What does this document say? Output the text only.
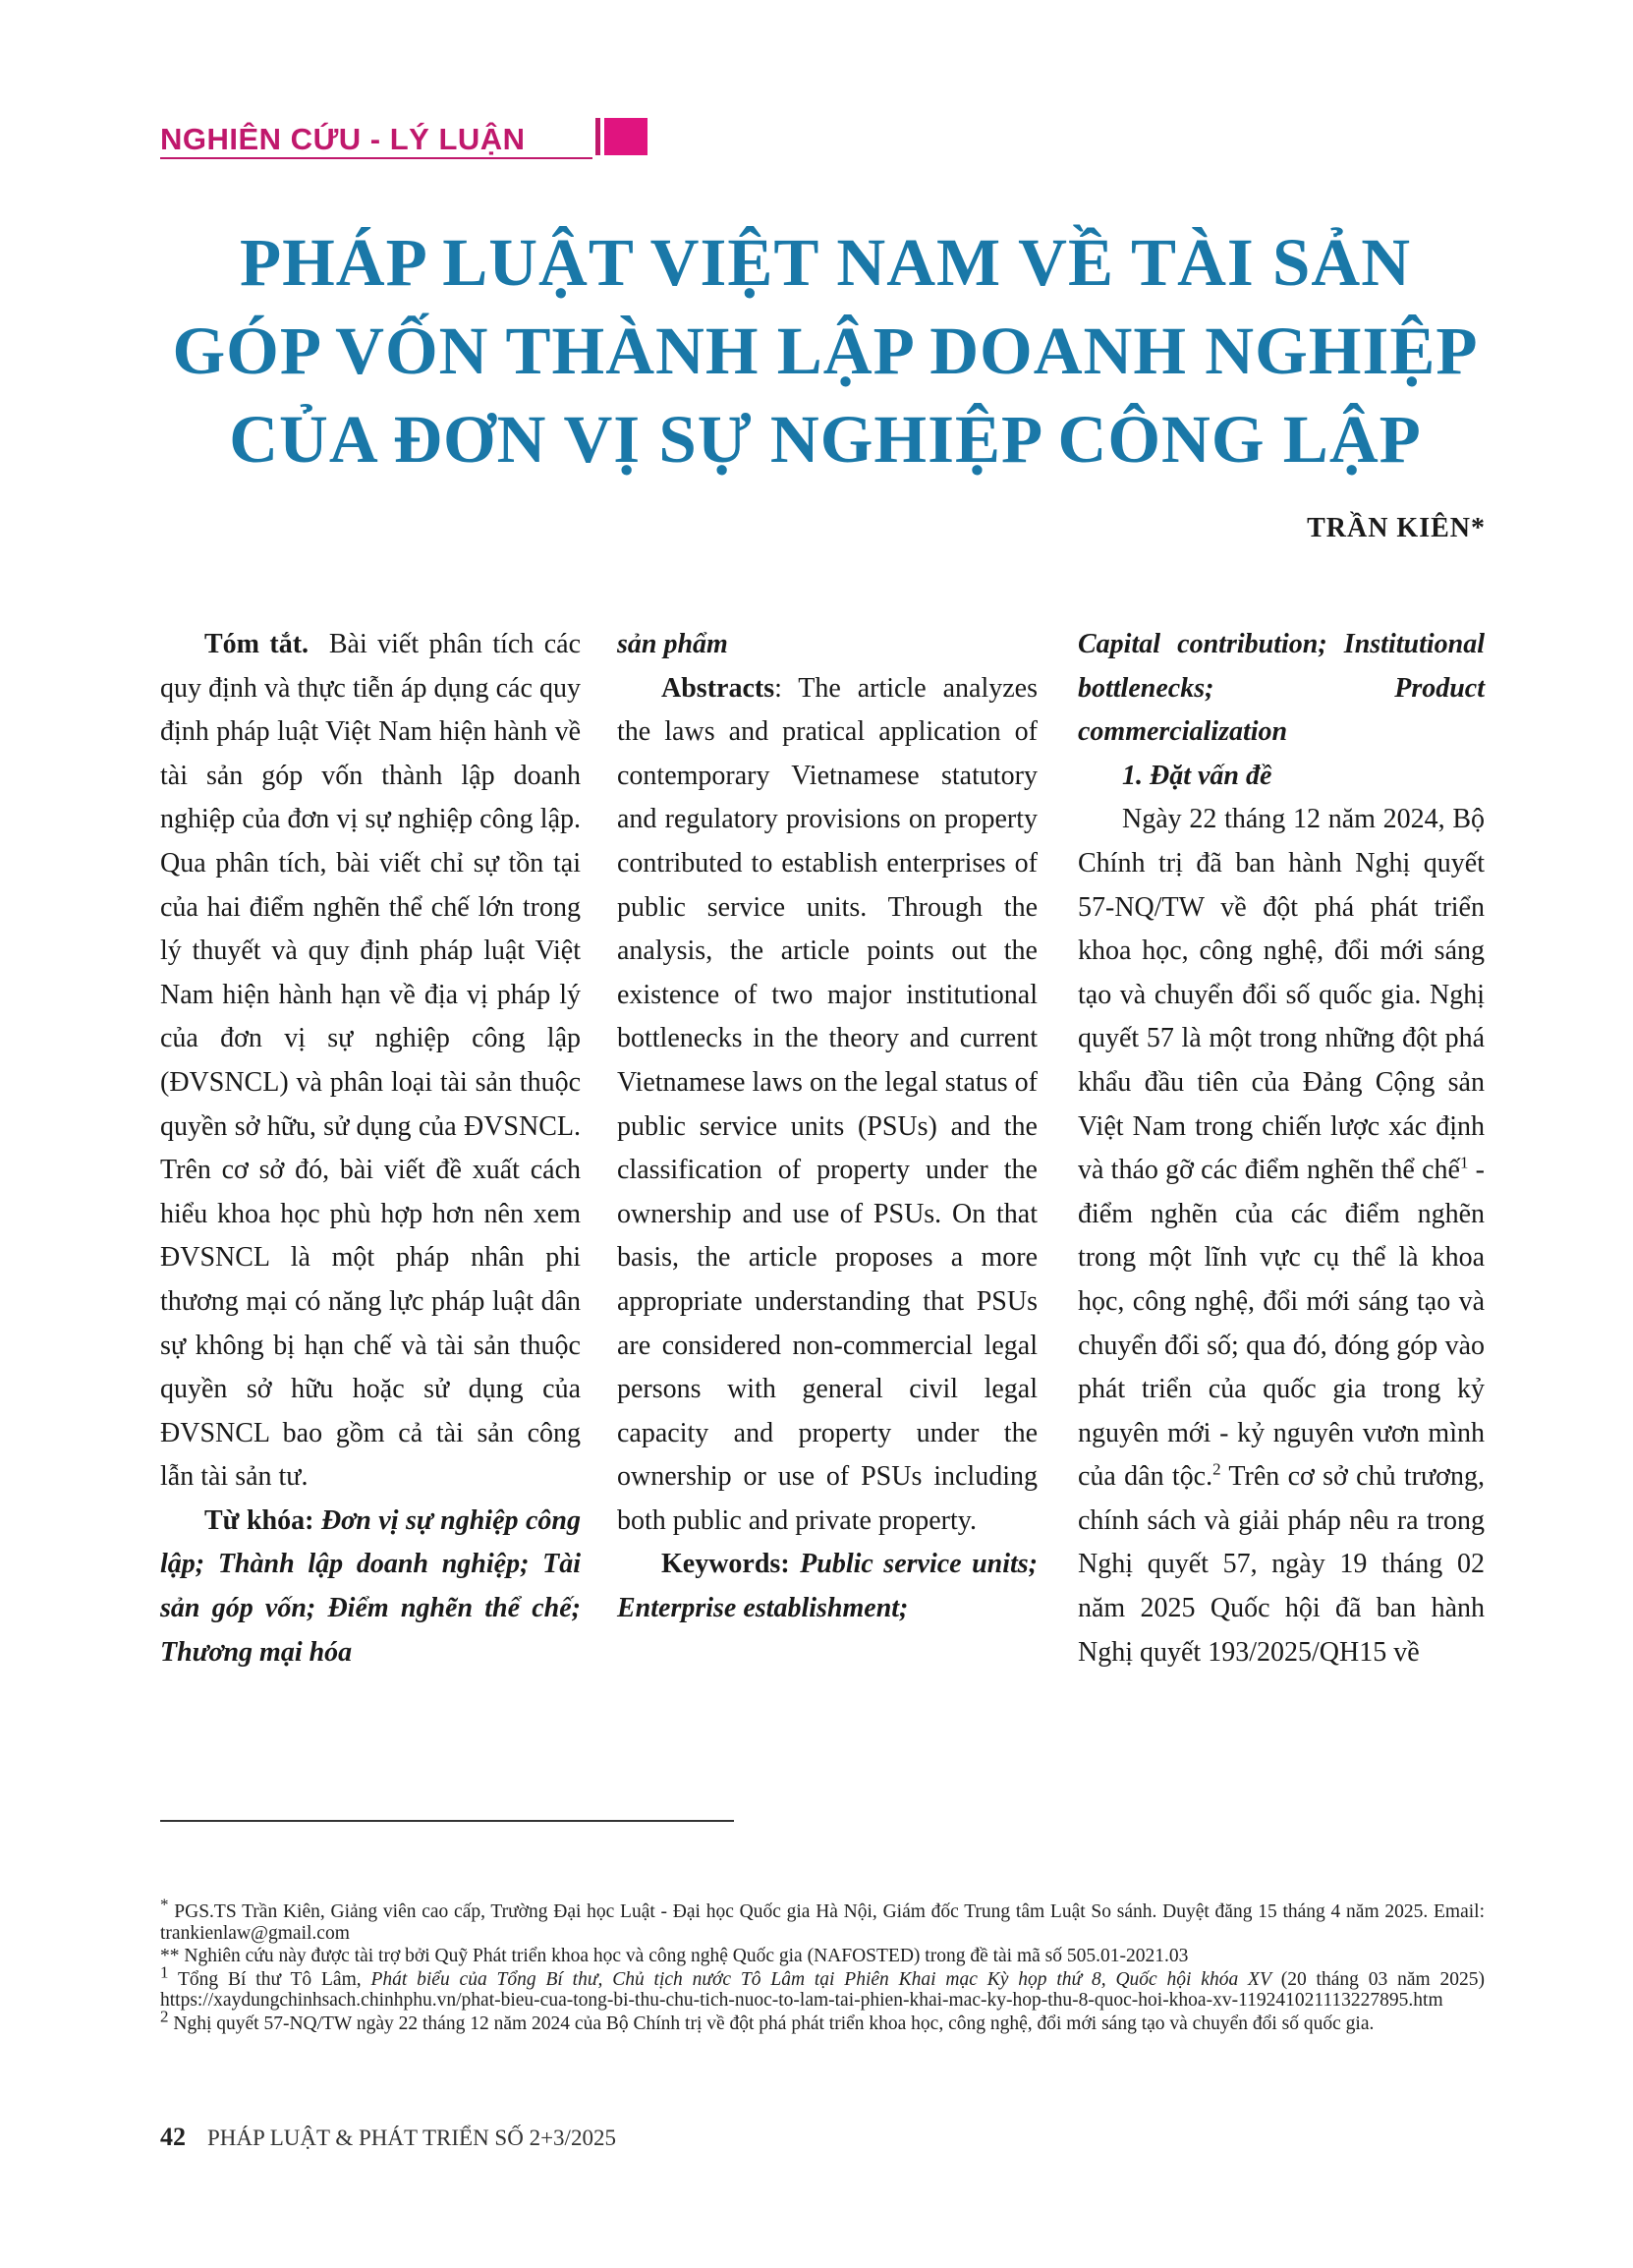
NGHIÊN CỨU - LÝ LUẬN
PHÁP LUẬT VIỆT NAM VỀ TÀI SẢN
GÓP VỐN THÀNH LẬP DOANH NGHIỆP
CỦA ĐƠN VỊ SỰ NGHIỆP CÔNG LẬP
TRẦN KIÊN*

Tóm tắt. Bài viết phân tích các quy định và thực tiễn áp dụng các quy định pháp luật Việt Nam hiện hành về tài sản góp vốn thành lập doanh nghiệp của đơn vị sự nghiệp công lập. Qua phân tích, bài viết chỉ sự tồn tại của hai điểm nghẽn thể chế lớn trong lý thuyết và quy định pháp luật Việt Nam hiện hành hạn về địa vị pháp lý của đơn vị sự nghiệp công lập (ĐVSNCL) và phân loại tài sản thuộc quyền sở hữu, sử dụng của ĐVSNCL. Trên cơ sở đó, bài viết đề xuất cách hiểu khoa học phù hợp hơn nên xem ĐVSNCL là một pháp nhân phi thương mại có năng lực pháp luật dân sự không bị hạn chế và tài sản thuộc quyền sở hữu hoặc sử dụng của ĐVSNCL bao gồm cả tài sản công lẫn tài sản tư.

Từ khóa: Đơn vị sự nghiệp công lập; Thành lập doanh nghiệp; Tài sản góp vốn; Điểm nghẽn thể chế; Thương mại hóa

sản phẩm

Abstracts: The article analyzes the laws and pratical application of contemporary Vietnamese statutory and regulatory provisions on property contributed to establish enterprises of public service units. Through the analysis, the article points out the existence of two major institutional bottlenecks in the theory and current Vietnamese laws on the legal status of public service units (PSUs) and the classification of property under the ownership and use of PSUs. On that basis, the article proposes a more appropriate understanding that PSUs are considered non-commercial legal persons with general civil legal capacity and property under the ownership or use of PSUs including both public and private property.

Keywords: Public service units; Enterprise establishment;

Capital contribution; Institutional bottlenecks; Product commercialization

1. Đặt vấn đề

Ngày 22 tháng 12 năm 2024, Bộ Chính trị đã ban hành Nghị quyết 57-NQ/TW về đột phá phát triển khoa học, công nghệ, đổi mới sáng tạo và chuyển đổi số quốc gia. Nghị quyết 57 là một trong những đột phá khẩu đầu tiên của Đảng Cộng sản Việt Nam trong chiến lược xác định và tháo gỡ các điểm nghẽn thể chế$^1$ - điểm nghẽn của các điểm nghẽn trong một lĩnh vực cụ thể là khoa học, công nghệ, đổi mới sáng tạo và chuyển đổi số; qua đó, đóng góp vào phát triển của quốc gia trong kỷ nguyên mới - kỷ nguyên vươn mình của dân tộc.$^2$ Trên cơ sở chủ trương, chính sách và giải pháp nêu ra trong Nghị quyết 57, ngày 19 tháng 02 năm 2025 Quốc hội đã ban hành Nghị quyết 193/2025/QH15 về

* PGS.TS Trần Kiên, Giảng viên cao cấp, Trường Đại học Luật - Đại học Quốc gia Hà Nội, Giám đốc Trung tâm Luật So sánh. Duyệt đăng 15 tháng 4 năm 2025. Email: trankienlaw@gmail.com

** Nghiên cứu này được tài trợ bởi Quỹ Phát triển khoa học và công nghệ Quốc gia (NAFOSTED) trong đề tài mã số 505.01-2021.03

$^1$ Tổng Bí thư Tô Lâm, Phát biểu của Tổng Bí thư, Chủ tịch nước Tô Lâm tại Phiên Khai mạc Kỳ họp thứ 8, Quốc hội khóa XV (20 tháng 03 năm 2025) https://xaydungchinhsach.chinhphu.vn/phat-bieu-cua-tong-bi-thu-chu-tich-nuoc-to-lam-tai-phien-khai-mac-ky-hop-thu-8-quoc-hoi-khoa-xv-119241021113227895.htm

$^2$ Nghị quyết 57-NQ/TW ngày 22 tháng 12 năm 2024 của Bộ Chính trị về đột phá phát triển khoa học, công nghệ, đổi mới sáng tạo và chuyển đổi số quốc gia.

42 PHÁP LUẬT & PHÁT TRIỂN SỐ 2+3/2025
